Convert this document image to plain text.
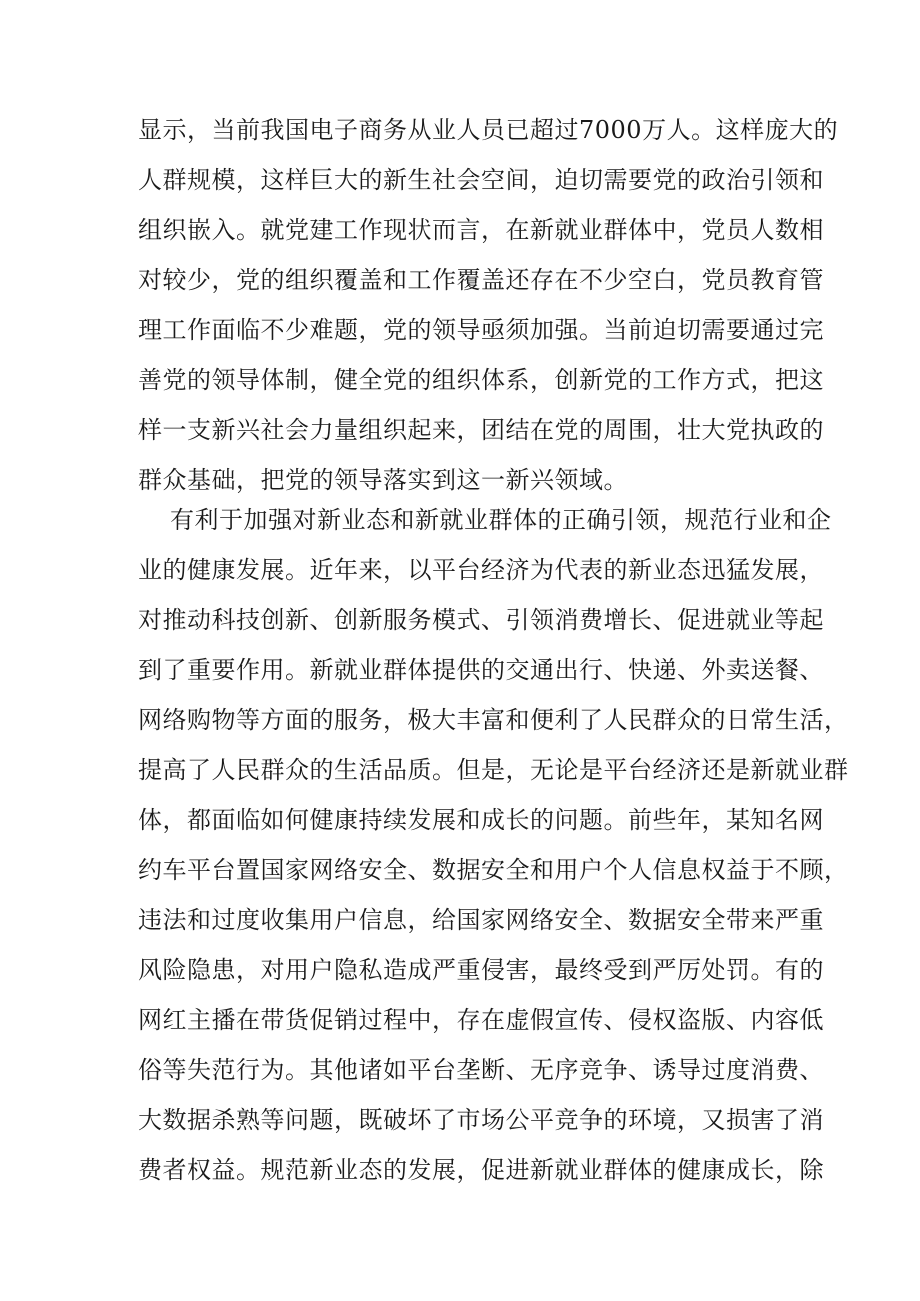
显示，当前我国电子商务从业人员已超过7000万人。这样庞大的
人群规模，这样巨大的新生社会空间，迫切需要党的政治引领和
组织嵌入。就党建工作现状而言，在新就业群体中，党员人数相
对较少，党的组织覆盖和工作覆盖还存在不少空白，党员教育管
理工作面临不少难题，党的领导亟须加强。当前迫切需要通过完
善党的领导体制，健全党的组织体系，创新党的工作方式，把这
样一支新兴社会力量组织起来，团结在党的周围，壮大党执政的
群众基础，把党的领导落实到这一新兴领域。
有利于加强对新业态和新就业群体的正确引领，规范行业和企
业的健康发展。近年来，以平台经济为代表的新业态迅猛发展，
对推动科技创新、创新服务模式、引领消费增长、促进就业等起
到了重要作用。新就业群体提供的交通出行、快递、外卖送餐、
网络购物等方面的服务，极大丰富和便利了人民群众的日常生活，
提高了人民群众的生活品质。但是，无论是平台经济还是新就业群
体，都面临如何健康持续发展和成长的问题。前些年，某知名网
约车平台置国家网络安全、数据安全和用户个人信息权益于不顾，
违法和过度收集用户信息，给国家网络安全、数据安全带来严重
风险隐患，对用户隐私造成严重侵害，最终受到严厉处罚。有的
网红主播在带货促销过程中，存在虚假宣传、侵权盗版、内容低
俗等失范行为。其他诸如平台垄断、无序竞争、诱导过度消费、
大数据杀熟等问题，既破坏了市场公平竞争的环境，又损害了消
费者权益。规范新业态的发展，促进新就业群体的健康成长，除
